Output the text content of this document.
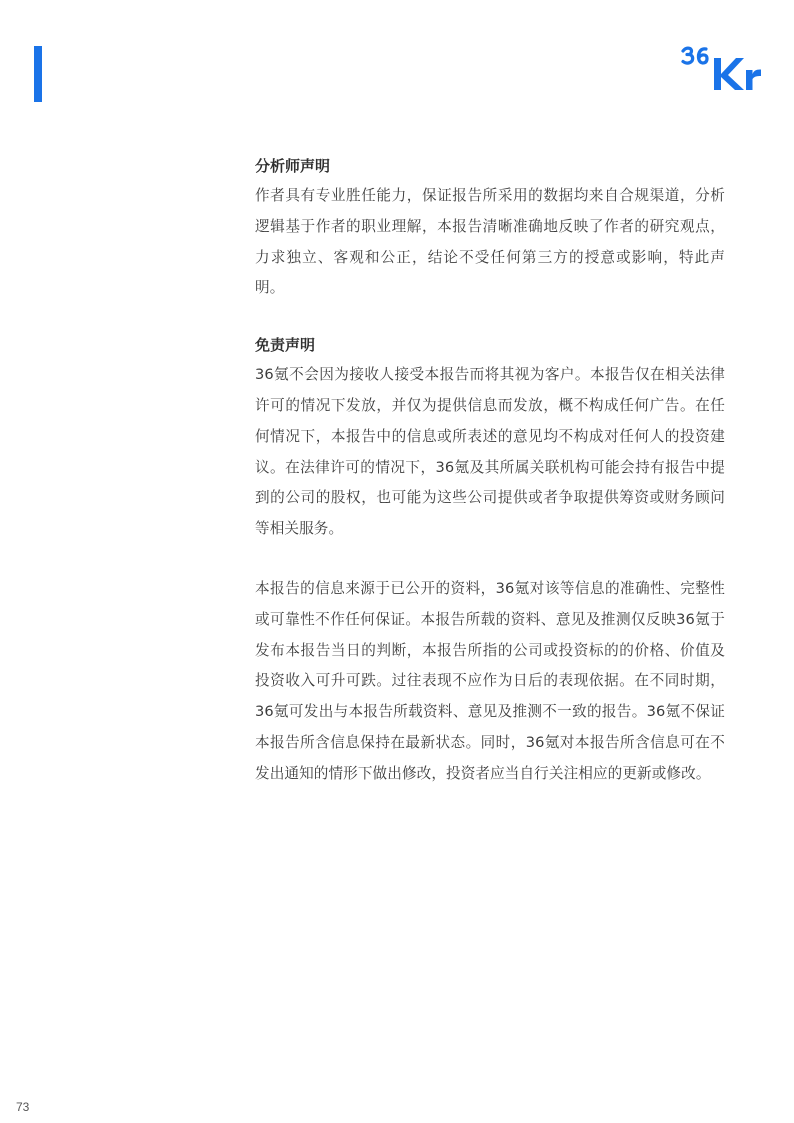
分析师声明

作者具有专业胜任能力，保证报告所采用的数据均来自合规渠道，分析逻辑基于作者的职业理解，本报告清晰准确地反映了作者的研究观点，力求独立、客观和公正，结论不受任何第三方的授意或影响，特此声明。

免责声明

36氪不会因为接收人接受本报告而将其视为客户。本报告仅在相关法律许可的情况下发放，并仅为提供信息而发放，概不构成任何广告。在任何情况下，本报告中的信息或所表述的意见均不构成对任何人的投资建议。在法律许可的情况下，36氪及其所属关联机构可能会持有报告中提到的公司的股权，也可能为这些公司提供或者争取提供筹资或财务顾问等相关服务。

本报告的信息来源于已公开的资料，36氪对该等信息的准确性、完整性或可靠性不作任何保证。本报告所载的资料、意见及推测仅反映36氪于发布本报告当日的判断，本报告所指的公司或投资标的的价格、价值及投资收入可升可跌。过往表现不应作为日后的表现依据。在不同时期，36氪可发出与本报告所载资料、意见及推测不一致的报告。36氪不保证本报告所含信息保持在最新状态。同时，36氪对本报告所含信息可在不发出通知的情形下做出修改，投资者应当自行关注相应的更新或修改。

73
